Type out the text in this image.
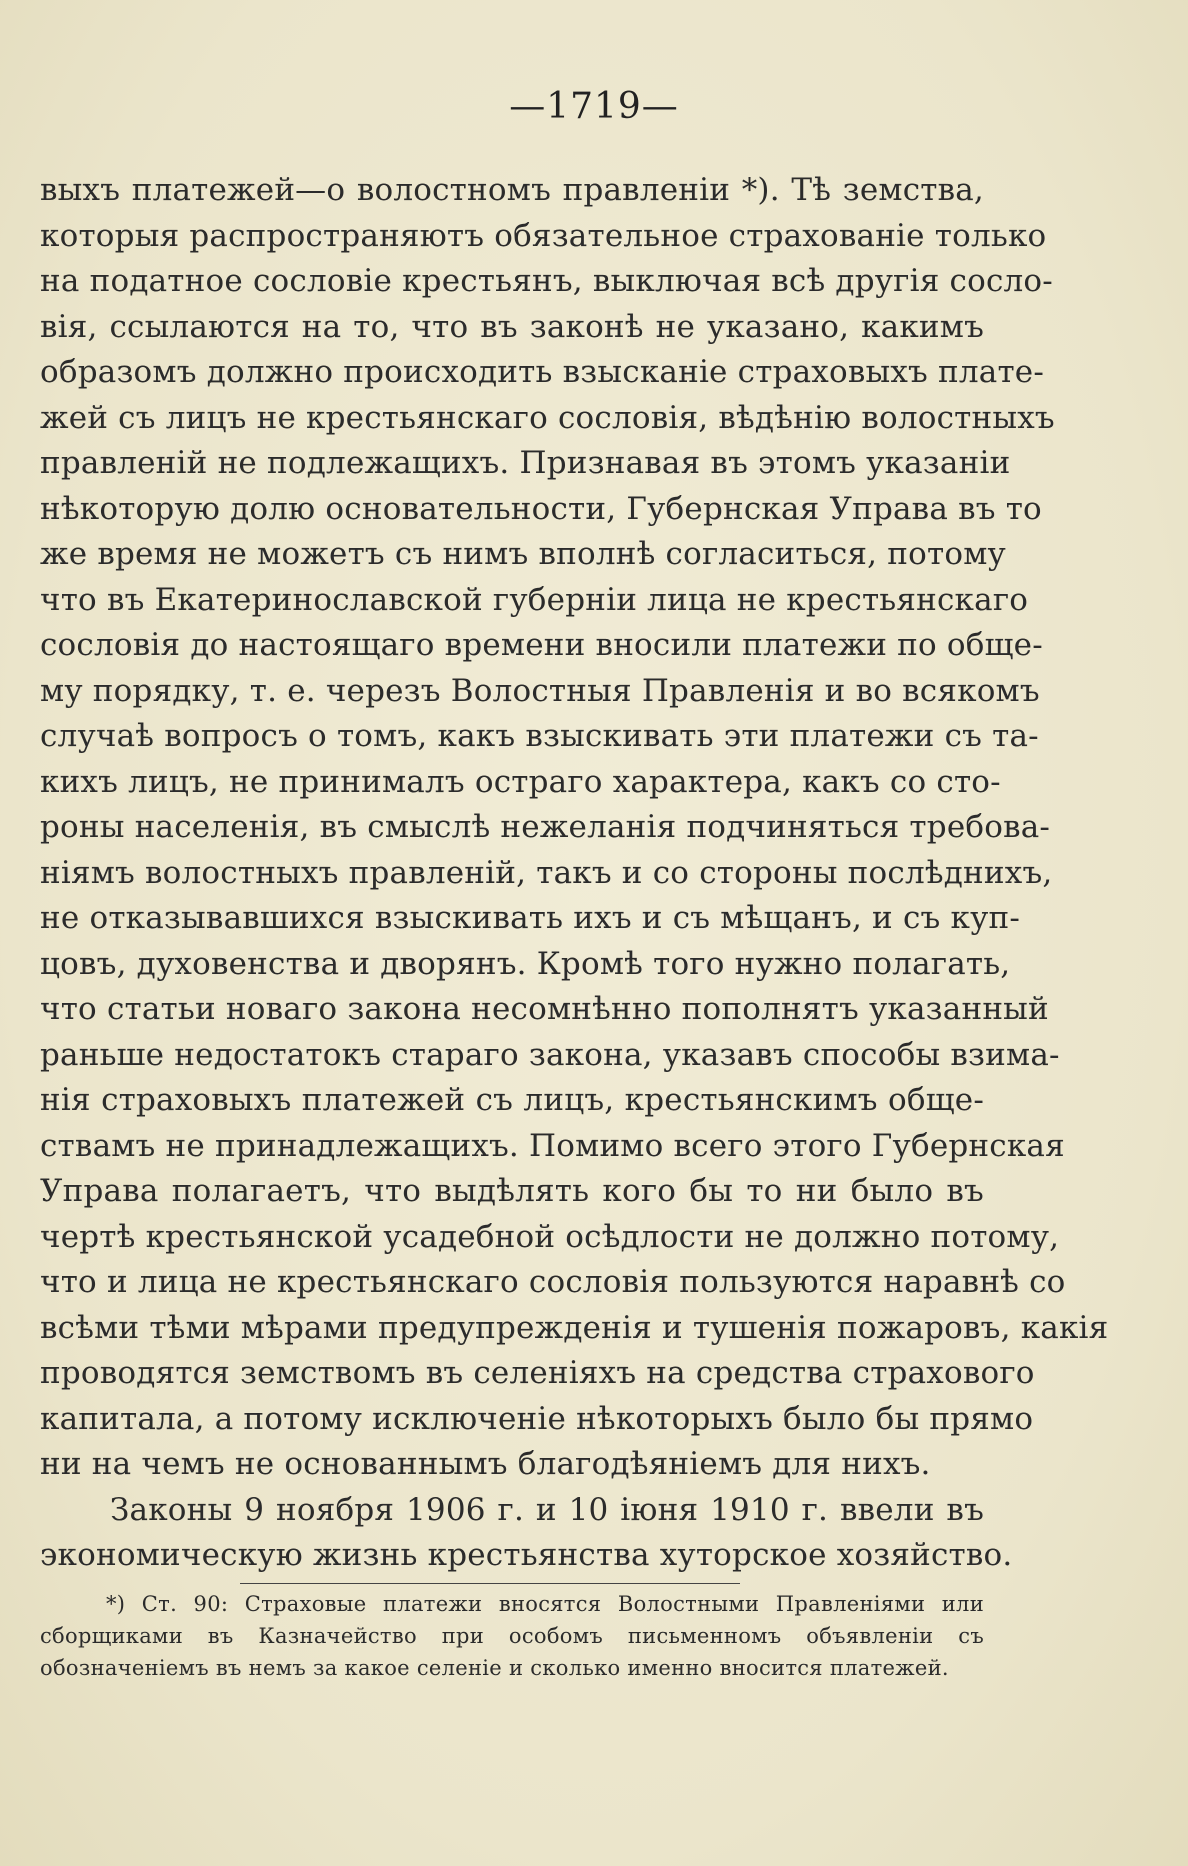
—1719—
выхъ платежей—о волостномъ правленіи *). Тѣ земства,
которыя распространяютъ обязательное страхованіе только
на податное сословіе крестьянъ, выключая всѣ другія сосло-
вія, ссылаются на то, что въ законѣ не указано, какимъ
образомъ должно происходить взысканіе страховыхъ плате-
жей съ лицъ не крестьянскаго сословія, вѣдѣнію волостныхъ
правленій не подлежащихъ. Признавая въ этомъ указаніи
нѣкоторую долю основательности, Губернская Управа въ то
же время не можетъ съ нимъ вполнѣ согласиться, потому
что въ Екатеринославской губерніи лица не крестьянскаго
сословія до настоящаго времени вносили платежи по обще-
му порядку, т. е. черезъ Волостныя Правленія и во всякомъ
случаѣ вопросъ о томъ, какъ взыскивать эти платежи съ та-
кихъ лицъ, не принималъ остраго характера, какъ со сто-
роны населенія, въ смыслѣ нежеланія подчиняться требова-
ніямъ волостныхъ правленій, такъ и со стороны послѣднихъ,
не отказывавшихся взыскивать ихъ и съ мѣщанъ, и съ куп-
цовъ, духовенства и дворянъ. Кромѣ того нужно полагать,
что статьи новаго закона несомнѣнно пополнятъ указанный
раньше недостатокъ стараго закона, указавъ способы взима-
нія страховыхъ платежей съ лицъ, крестьянскимъ обще-
ствамъ не принадлежащихъ. Помимо всего этого Губернская
Управа полагаетъ, что выдѣлять кого бы то ни было въ
чертѣ крестьянской усадебной осѣдлости не должно потому,
что и лица не крестьянскаго сословія пользуются наравнѣ со
всѣми тѣми мѣрами предупрежденія и тушенія пожаровъ, какія
проводятся земствомъ въ селеніяхъ на средства страхового
капитала, а потому исключеніе нѣкоторыхъ было бы прямо
ни на чемъ не основаннымъ благодѣяніемъ для нихъ.
Законы 9 ноября 1906 г. и 10 іюня 1910 г. ввели въ
экономическую жизнь крестьянства хуторское хозяйство.
*) Ст. 90: Страховые платежи вносятся Волостными Правленіями или
сборщиками въ Казначейство при особомъ письменномъ объявленіи съ
обозначеніемъ въ немъ за какое селеніе и сколько именно вносится платежей.
